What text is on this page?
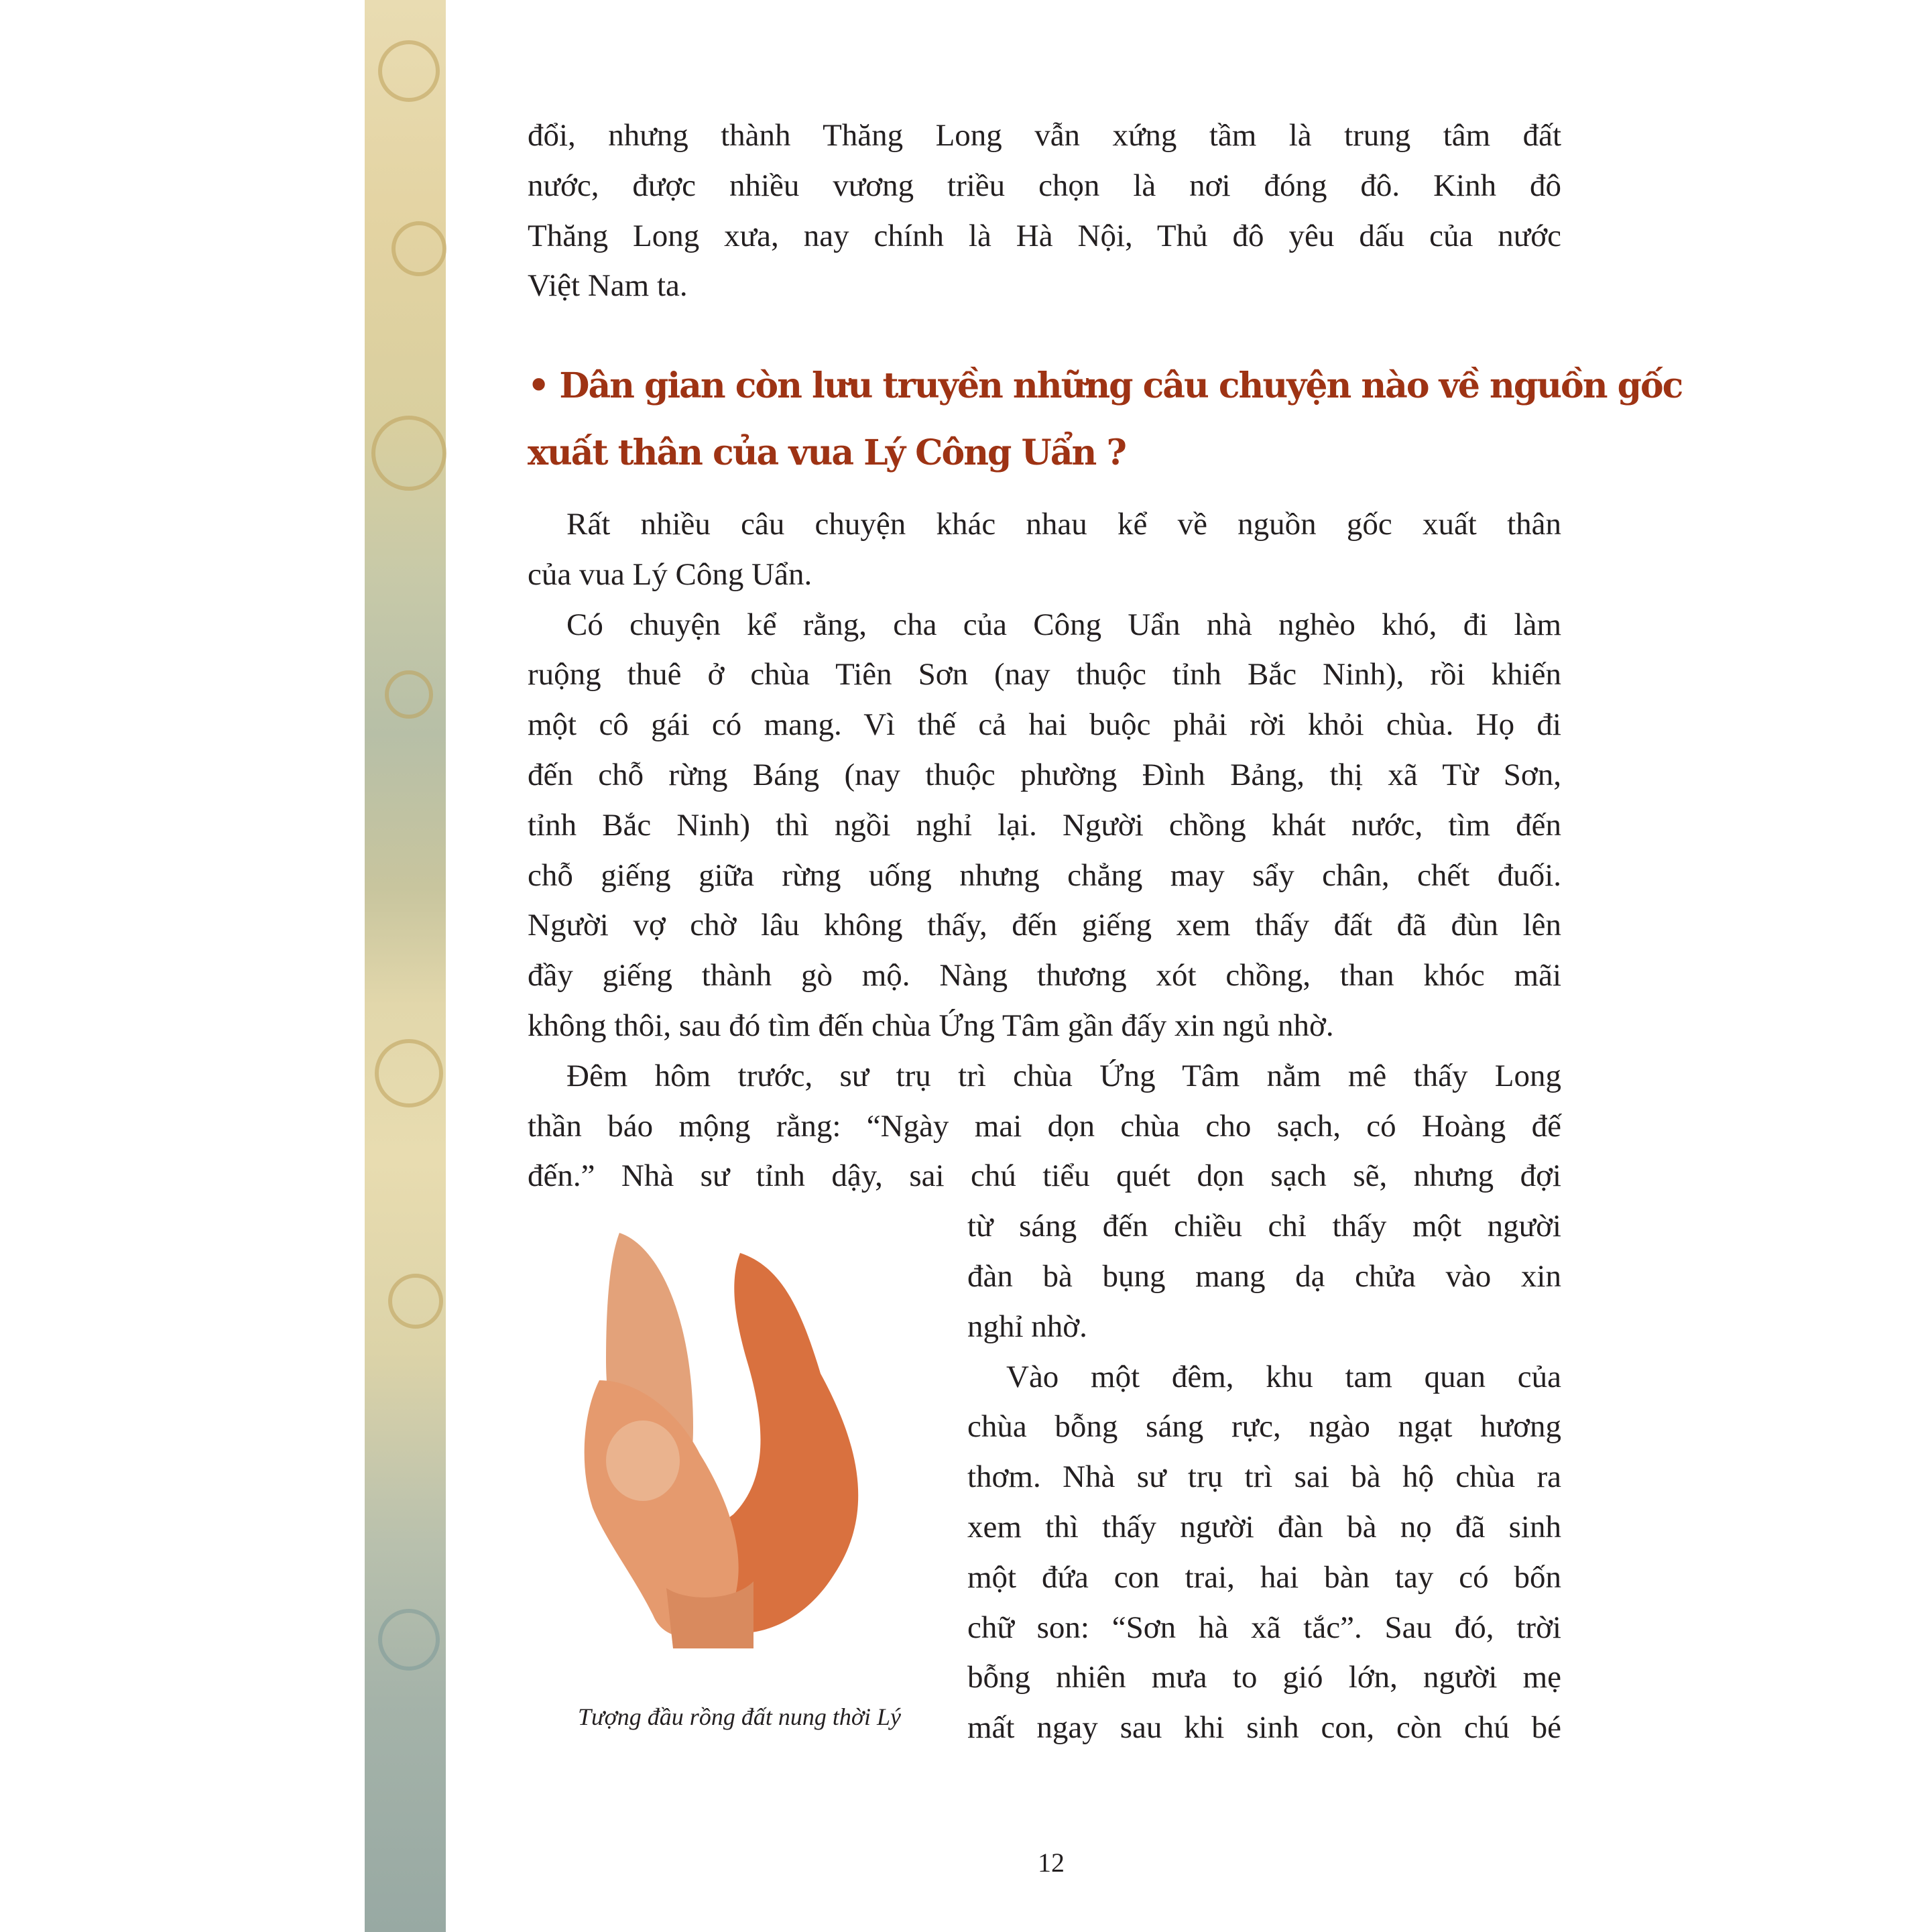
đổi, nhưng thành Thăng Long vẫn xứng tầm là trung tâm đất
nước, được nhiều vương triều chọn là nơi đóng đô. Kinh đô
Thăng Long xưa, nay chính là Hà Nội, Thủ đô yêu dấu của nước
Việt Nam ta.
Rất nhiều câu chuyện khác nhau kể về nguồn gốc xuất thân
của vua Lý Công Uẩn.
Có chuyện kể rằng, cha của Công Uẩn nhà nghèo khó, đi làm
ruộng thuê ở chùa Tiên Sơn (nay thuộc tỉnh Bắc Ninh), rồi khiến
một cô gái có mang. Vì thế cả hai buộc phải rời khỏi chùa. Họ đi
đến chỗ rừng Báng (nay thuộc phường Đình Bảng, thị xã Từ Sơn,
tỉnh Bắc Ninh) thì ngồi nghỉ lại. Người chồng khát nước, tìm đến
chỗ giếng giữa rừng uống nhưng chẳng may sẩy chân, chết đuối.
Người vợ chờ lâu không thấy, đến giếng xem thấy đất đã đùn lên
đầy giếng thành gò mộ. Nàng thương xót chồng, than khóc mãi
không thôi, sau đó tìm đến chùa Ứng Tâm gần đấy xin ngủ nhờ.
Đêm hôm trước, sư trụ trì chùa Ứng Tâm nằm mê thấy Long
thần báo mộng rằng: “Ngày mai dọn chùa cho sạch, có Hoàng đế
đến.” Nhà sư tỉnh dậy, sai chú tiểu quét dọn sạch sẽ, nhưng đợi
từ sáng đến chiều chỉ thấy một người
đàn bà bụng mang dạ chửa vào xin
nghỉ nhờ.
Vào một đêm, khu tam quan của
chùa bỗng sáng rực, ngào ngạt hương
thơm. Nhà sư trụ trì sai bà hộ chùa ra
xem thì thấy người đàn bà nọ đã sinh
một đứa con trai, hai bàn tay có bốn
chữ son: “Sơn hà xã tắc”. Sau đó, trời
bỗng nhiên mưa to gió lớn, người mẹ
mất ngay sau khi sinh con, còn chú bé
• Dân gian còn lưu truyền những câu chuyện nào về nguồn gốc
xuất thân của vua Lý Công Uẩn ?
Tượng đầu rồng đất nung thời Lý
12
